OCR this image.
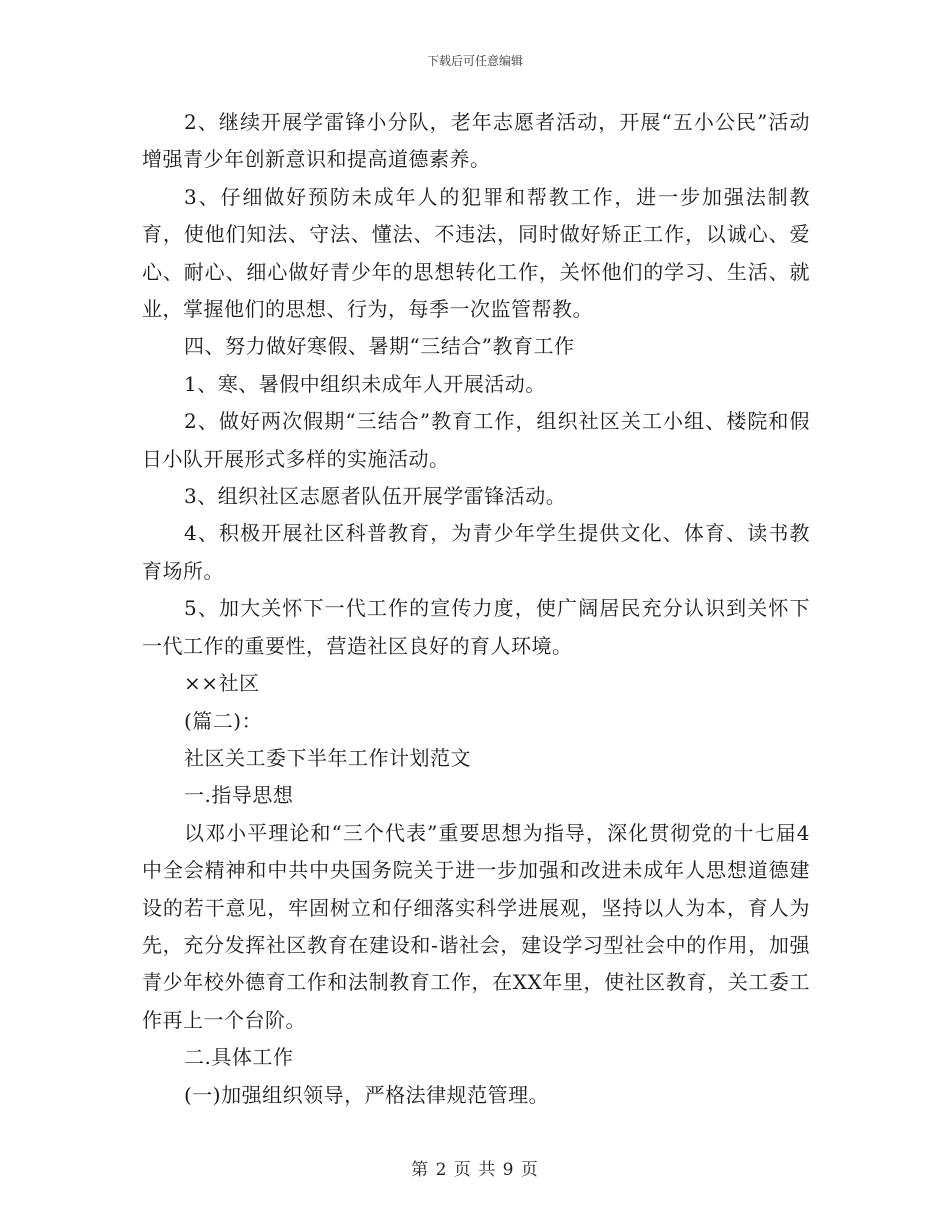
下载后可任意编辑

2、继续开展学雷锋小分队，老年志愿者活动，开展“五小公民”活动增强青少年创新意识和提高道德素养。

3、仔细做好预防未成年人的犯罪和帮教工作，进一步加强法制教育，使他们知法、守法、懂法、不违法，同时做好矫正工作，以诚心、爱心、耐心、细心做好青少年的思想转化工作，关怀他们的学习、生活、就业，掌握他们的思想、行为，每季一次监管帮教。

四、努力做好寒假、暑期“三结合”教育工作

1、寒、暑假中组织未成年人开展活动。

2、做好两次假期“三结合”教育工作，组织社区关工小组、楼院和假日小队开展形式多样的实施活动。

3、组织社区志愿者队伍开展学雷锋活动。

4、积极开展社区科普教育，为青少年学生提供文化、体育、读书教育场所。

5、加大关怀下一代工作的宣传力度，使广阔居民充分认识到关怀下一代工作的重要性，营造社区良好的育人环境。

××社区

(篇二)：

社区关工委下半年工作计划范文

一.指导思想

以邓小平理论和“三个代表”重要思想为指导，深化贯彻党的十七届4中全会精神和中共中央国务院关于进一步加强和改进未成年人思想道德建设的若干意见，牢固树立和仔细落实科学进展观，坚持以人为本，育人为先，充分发挥社区教育在建设和-谐社会，建设学习型社会中的作用，加强青少年校外德育工作和法制教育工作，在XX年里，使社区教育，关工委工作再上一个台阶。

二.具体工作

(一)加强组织领导，严格法律规范管理。

第 2 页 共 9 页
